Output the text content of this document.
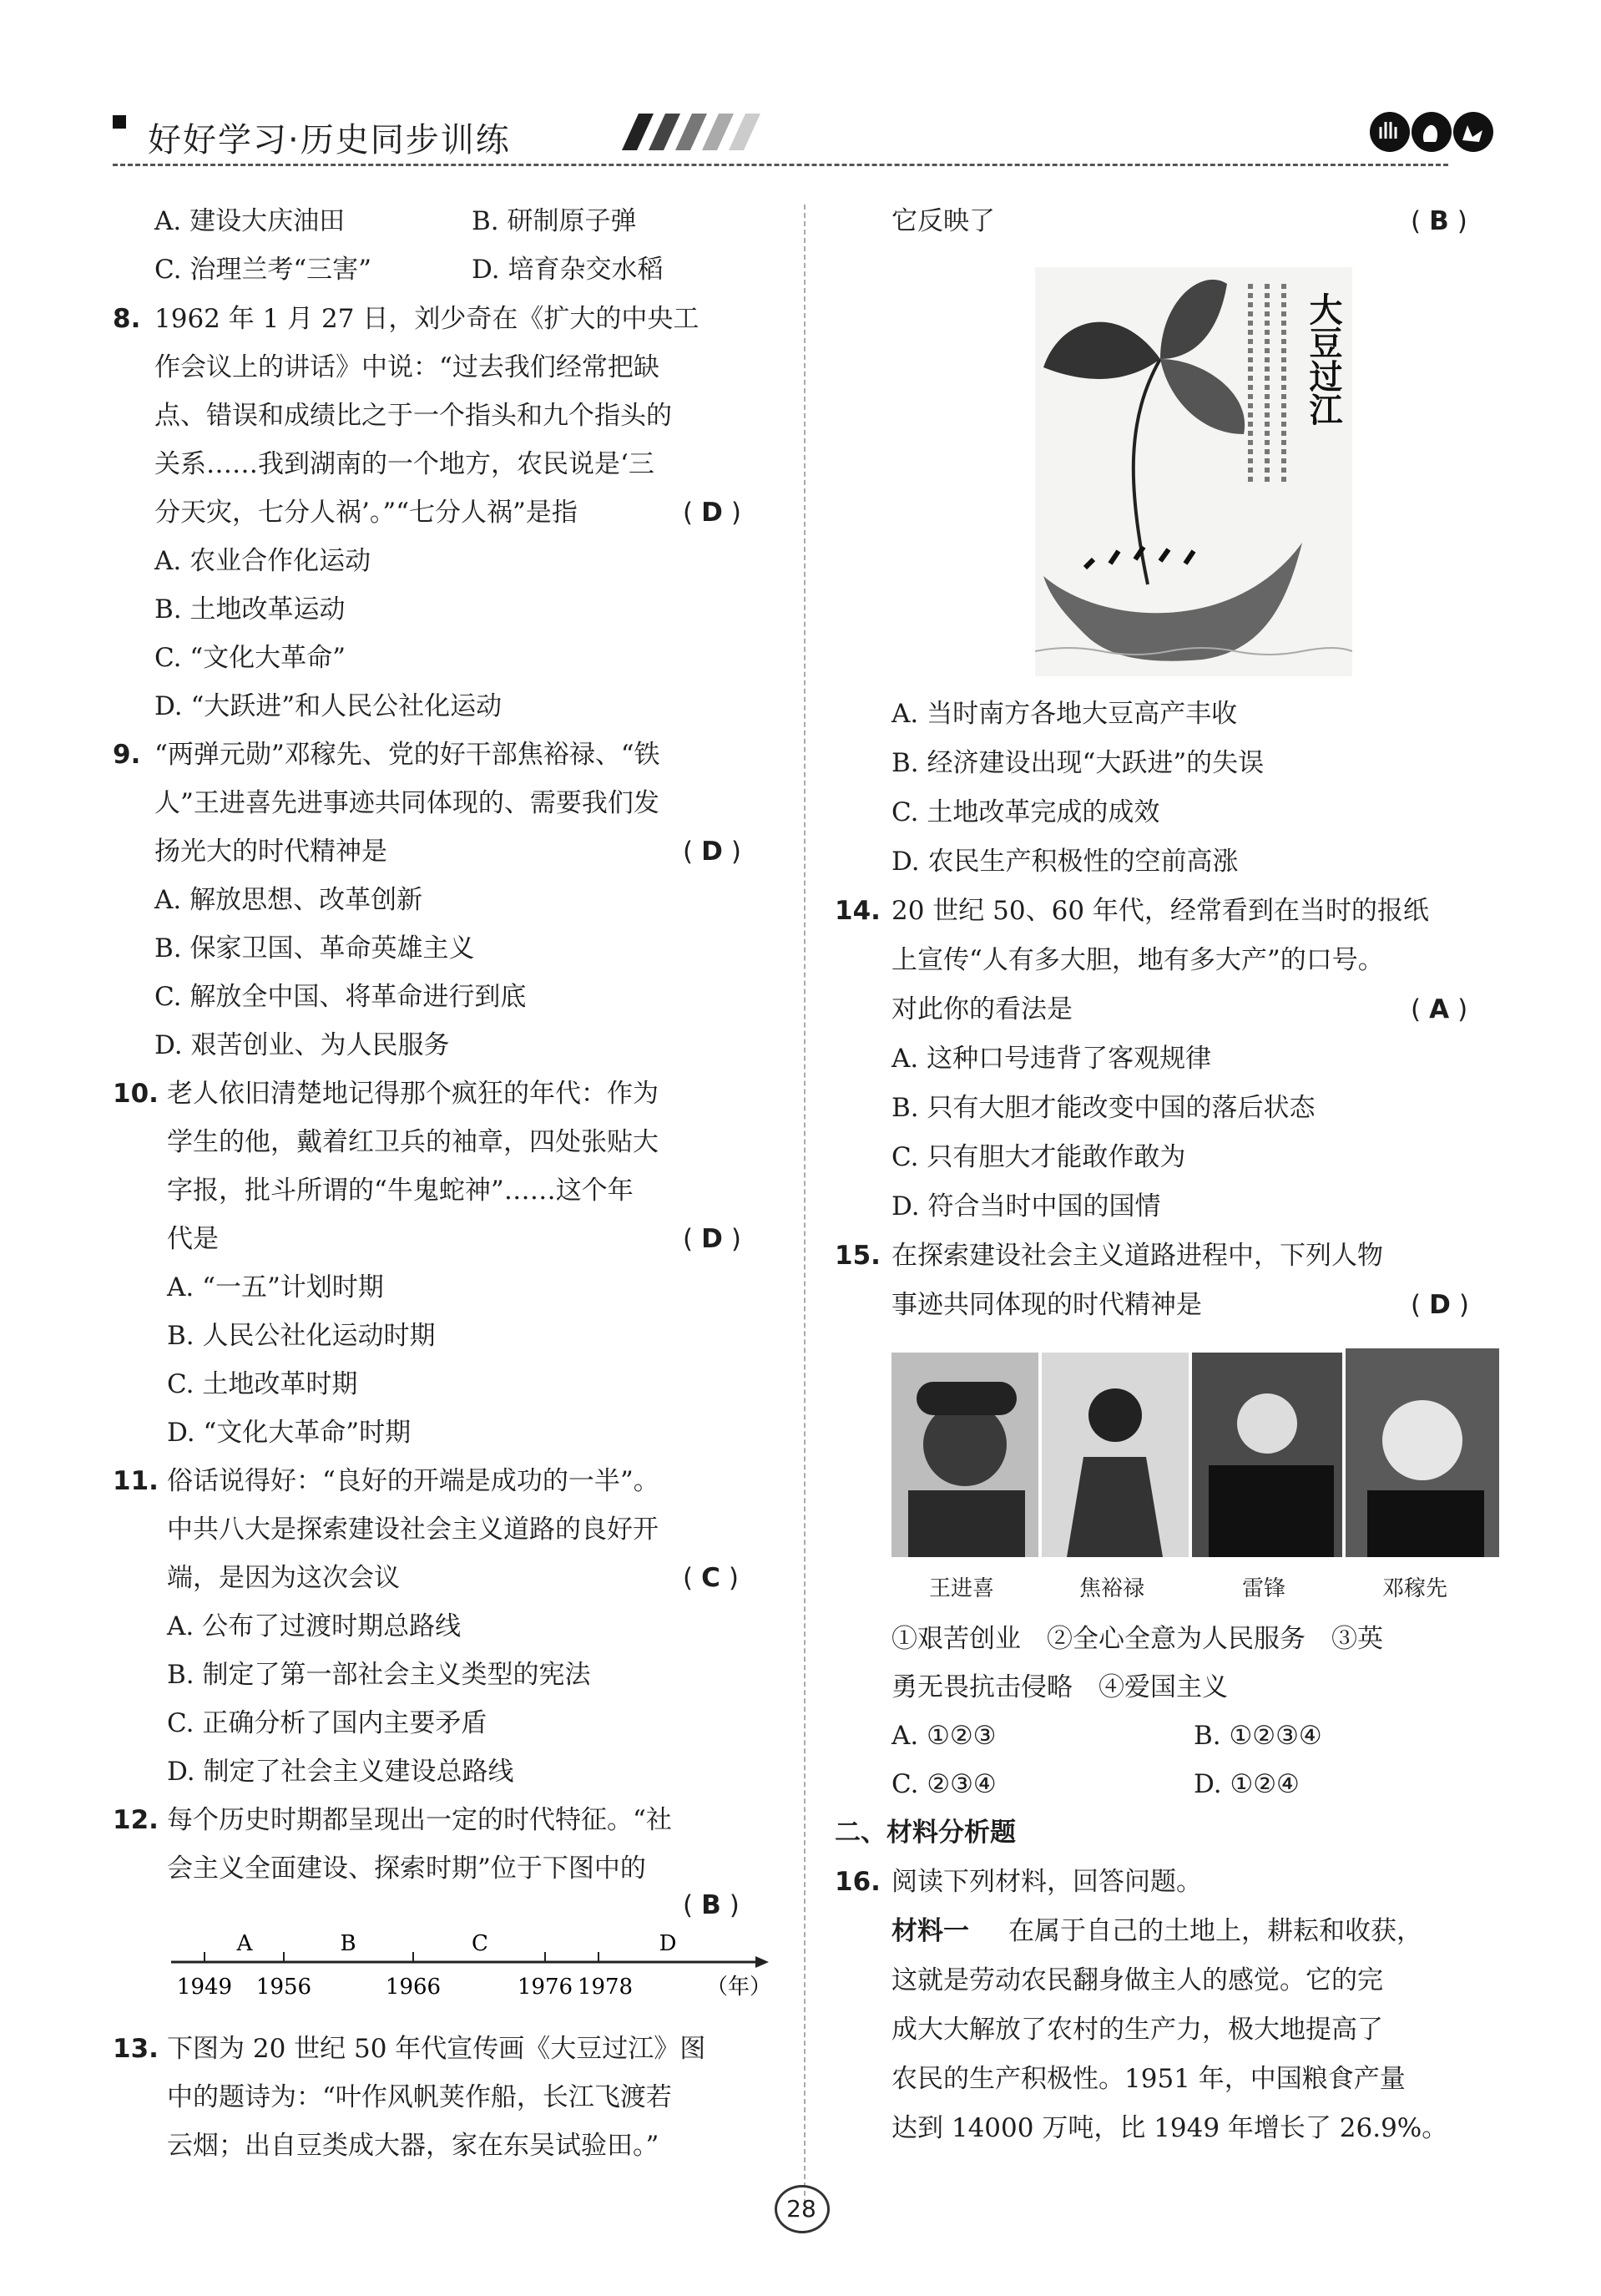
好好学习·历史同步训练
A. 建设大庆油田	B. 研制原子弹
C. 治理兰考“三害”	D. 培育杂交水稻
8. 1962 年 1 月 27 日，刘少奇在《扩大的中央工
作会议上的讲话》中说：“过去我们经常把缺
点、错误和成绩比之于一个指头和九个指头的
关系……我到湖南的一个地方，农民说是‘三
分天灾，七分人祸’。”“七分人祸”是指	( D )
A. 农业合作化运动
B. 土地改革运动
C. “文化大革命”
D. “大跃进”和人民公社化运动
9. “两弹元勋”邓稼先、党的好干部焦裕禄、“铁
人”王进喜先进事迹共同体现的、需要我们发
扬光大的时代精神是	( D )
A. 解放思想、改革创新
B. 保家卫国、革命英雄主义
C. 解放全中国、将革命进行到底
D. 艰苦创业、为人民服务
10. 老人依旧清楚地记得那个疯狂的年代：作为
学生的他，戴着红卫兵的袖章，四处张贴大
字报，批斗所谓的“牛鬼蛇神”……这个年
代是	( D )
A. “一五”计划时期
B. 人民公社化运动时期
C. 土地改革时期
D. “文化大革命”时期
11. 俗话说得好：“良好的开端是成功的一半”。
中共八大是探索建设社会主义道路的良好开
端，是因为这次会议	( C )
A. 公布了过渡时期总路线
B. 制定了第一部社会主义类型的宪法
C. 正确分析了国内主要矛盾
D. 制定了社会主义建设总路线
12. 每个历史时期都呈现出一定的时代特征。“社
会主义全面建设、探索时期”位于下图中的
( B )
A	B	C	D
1949 1956	1966	1976 1978	（年）
13. 下图为 20 世纪 50 年代宣传画《大豆过江》图
中的题诗为：“叶作风帆荚作船，长江飞渡若
云烟；出自豆类成大器，家在东吴试验田。”
它反映了	( B )
大豆过江
A. 当时南方各地大豆高产丰收
B. 经济建设出现“大跃进”的失误
C. 土地改革完成的成效
D. 农民生产积极性的空前高涨
14. 20 世纪 50、60 年代，经常看到在当时的报纸
上宣传“人有多大胆，地有多大产”的口号。
对此你的看法是	( A )
A. 这种口号违背了客观规律
B. 只有大胆才能改变中国的落后状态
C. 只有胆大才能敢作敢为
D. 符合当时中国的国情
15. 在探索建设社会主义道路进程中，下列人物
事迹共同体现的时代精神是	( D )
王进喜	焦裕禄	雷锋	邓稼先
①艰苦创业　②全心全意为人民服务　③英
勇无畏抗击侵略　④爱国主义
A. ①②③	B. ①②③④
C. ②③④	D. ①②④
二、材料分析题
16. 阅读下列材料，回答问题。
材料一 在属于自己的土地上，耕耘和收获，
这就是劳动农民翻身做主人的感觉。它的完
成大大解放了农村的生产力，极大地提高了
农民的生产积极性。1951 年，中国粮食产量
达到 14000 万吨，比 1949 年增长了 26.9%。
28
